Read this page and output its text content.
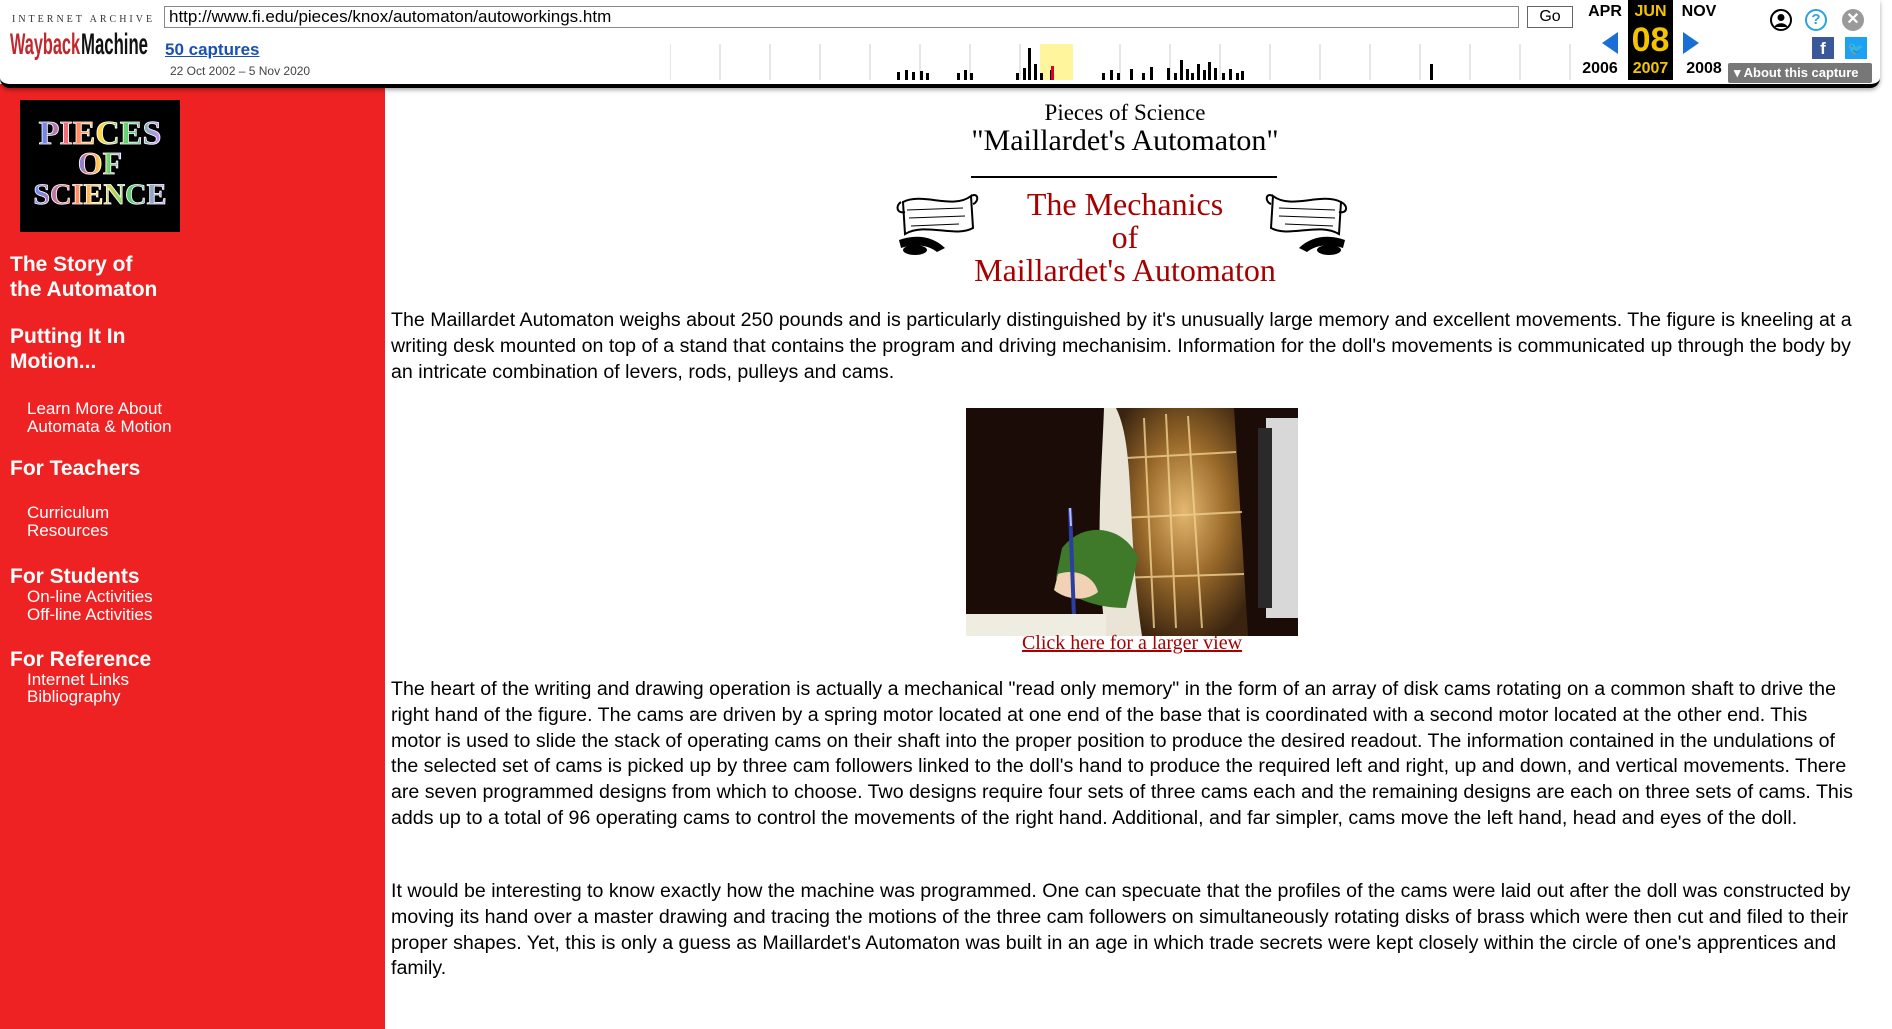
INTERNET ARCHIVE
Wayback Machine
http://www.fi.edu/pieces/knox/automaton/autoworkings.htm
Go
50 captures
22 Oct 2002 – 5 Nov 2020
APR	NOV
2006	2008
JUN
08
2007
?	✕
f	🐦
▾ About this capture
PIECES
OF
SCIENCE
The Story of
the Automaton
Putting It In
Motion...
Learn More About
Automata & Motion
For Teachers
Curriculum
Resources
For Students
On-line Activities
Off-line Activities
For Reference
Internet Links
Bibliography
Pieces of Science
"Maillardet's Automaton"
The Mechanics
of
Maillardet's Automaton

The Maillardet Automaton weighs about 250 pounds and is particularly distinguished by it's unusually large memory and excellent movements. The figure is kneeling at a writing desk mounted on top of a stand that contains the program and driving mechanisim. Information for the doll's movements is communicated up through the body by an intricate combination of levers, rods, pulleys and cams.

Click here for a larger view

The heart of the writing and drawing operation is actually a mechanical "read only memory" in the form of an array of disk cams rotating on a common shaft to drive the right hand of the figure. The cams are driven by a spring motor located at one end of the base that is coordinated with a second motor located at the other end. This motor is used to slide the stack of operating cams on their shaft into the proper position to produce the desired readout. The information contained in the undulations of the selected set of cams is picked up by three cam followers linked to the doll's hand to produce the required left and right, up and down, and vertical movements. There are seven programmed designs from which to choose. Two designs require four sets of three cams each and the remaining designs are each on three sets of cams. This adds up to a total of 96 operating cams to control the movements of the right hand. Additional, and far simpler, cams move the left hand, head and eyes of the doll.

It would be interesting to know exactly how the machine was programmed. One can specuate that the profiles of the cams were laid out after the doll was constructed by moving its hand over a master drawing and tracing the motions of the three cam followers on simultaneously rotating disks of brass which were then cut and filed to their proper shapes. Yet, this is only a guess as Maillardet's Automaton was built in an age in which trade secrets were kept closely within the circle of one's apprentices and family.
